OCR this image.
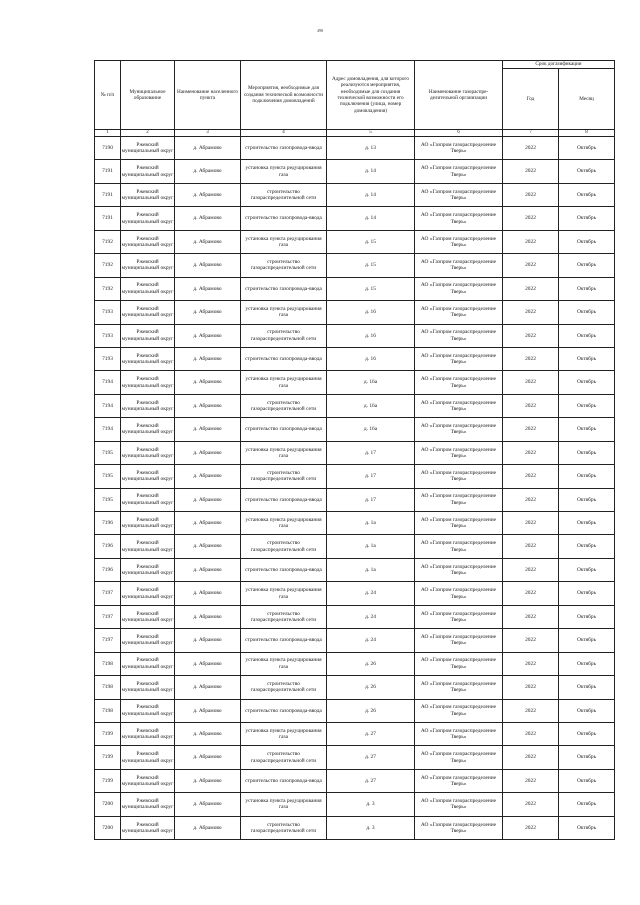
498
№ п/п	Муниципальное образование	Наименование населенного пункта	Мероприятия, необходимые для создания технической возможности подключения домовладений	Адрес домовладения, для которого реализуются мероприятия, необходимые для создания технической возможности его подключения (улица, номер домовладения)	Наименование газораспре-делительной организации	Срок догазификации	
						Год	Месяц
1	2	3	4	5	6	7	8
7190	Ржевский муниципальный округ	д. Абрамово	строительство газопровода-ввода	д. 13	АО «Газпром газораспределение Тверь»	2022	Октябрь
7191	Ржевский муниципальный округ	д. Абрамово	установка пункта редуцирования газа	д. 14	АО «Газпром газораспределение Тверь»	2022	Октябрь
7191	Ржевский муниципальный округ	д. Абрамово	строительство газораспределительной сети	д. 14	АО «Газпром газораспределение Тверь»	2022	Октябрь
7191	Ржевский муниципальный округ	д. Абрамово	строительство газопровода-ввода	д. 14	АО «Газпром газораспределение Тверь»	2022	Октябрь
7192	Ржевский муниципальный округ	д. Абрамово	установка пункта редуцирования газа	д. 15	АО «Газпром газораспределение Тверь»	2022	Октябрь
7192	Ржевский муниципальный округ	д. Абрамово	строительство газораспределительной сети	д. 15	АО «Газпром газораспределение Тверь»	2022	Октябрь
7192	Ржевский муниципальный округ	д. Абрамово	строительство газопровода-ввода	д. 15	АО «Газпром газораспределение Тверь»	2022	Октябрь
7193	Ржевский муниципальный округ	д. Абрамово	установка пункта редуцирования газа	д. 16	АО «Газпром газораспределение Тверь»	2022	Октябрь
7193	Ржевский муниципальный округ	д. Абрамово	строительство газораспределительной сети	д. 16	АО «Газпром газораспределение Тверь»	2022	Октябрь
7193	Ржевский муниципальный округ	д. Абрамово	строительство газопровода-ввода	д. 16	АО «Газпром газораспределение Тверь»	2022	Октябрь
7194	Ржевский муниципальный округ	д. Абрамово	установка пункта редуцирования газа	д. 16а	АО «Газпром газораспределение Тверь»	2022	Октябрь
7194	Ржевский муниципальный округ	д. Абрамово	строительство газораспределительной сети	д. 16а	АО «Газпром газораспределение Тверь»	2022	Октябрь
7194	Ржевский муниципальный округ	д. Абрамово	строительство газопровода-ввода	д. 16а	АО «Газпром газораспределение Тверь»	2022	Октябрь
7195	Ржевский муниципальный округ	д. Абрамово	установка пункта редуцирования газа	д. 17	АО «Газпром газораспределение Тверь»	2022	Октябрь
7195	Ржевский муниципальный округ	д. Абрамово	строительство газораспределительной сети	д. 17	АО «Газпром газораспределение Тверь»	2022	Октябрь
7195	Ржевский муниципальный округ	д. Абрамово	строительство газопровода-ввода	д. 17	АО «Газпром газораспределение Тверь»	2022	Октябрь
7196	Ржевский муниципальный округ	д. Абрамово	установка пункта редуцирования газа	д. 1а	АО «Газпром газораспределение Тверь»	2022	Октябрь
7196	Ржевский муниципальный округ	д. Абрамово	строительство газораспределительной сети	д. 1а	АО «Газпром газораспределение Тверь»	2022	Октябрь
7196	Ржевский муниципальный округ	д. Абрамово	строительство газопровода-ввода	д. 1а	АО «Газпром газораспределение Тверь»	2022	Октябрь
7197	Ржевский муниципальный округ	д. Абрамово	установка пункта редуцирования газа	д. 24	АО «Газпром газораспределение Тверь»	2022	Октябрь
7197	Ржевский муниципальный округ	д. Абрамово	строительство газораспределительной сети	д. 24	АО «Газпром газораспределение Тверь»	2022	Октябрь
7197	Ржевский муниципальный округ	д. Абрамово	строительство газопровода-ввода	д. 24	АО «Газпром газораспределение Тверь»	2022	Октябрь
7198	Ржевский муниципальный округ	д. Абрамово	установка пункта редуцирования газа	д. 26	АО «Газпром газораспределение Тверь»	2022	Октябрь
7198	Ржевский муниципальный округ	д. Абрамово	строительство газораспределительной сети	д. 26	АО «Газпром газораспределение Тверь»	2022	Октябрь
7198	Ржевский муниципальный округ	д. Абрамово	строительство газопровода-ввода	д. 26	АО «Газпром газораспределение Тверь»	2022	Октябрь
7199	Ржевский муниципальный округ	д. Абрамово	установка пункта редуцирования газа	д. 27	АО «Газпром газораспределение Тверь»	2022	Октябрь
7199	Ржевский муниципальный округ	д. Абрамово	строительство газораспределительной сети	д. 27	АО «Газпром газораспределение Тверь»	2022	Октябрь
7199	Ржевский муниципальный округ	д. Абрамово	строительство газопровода-ввода	д. 27	АО «Газпром газораспределение Тверь»	2022	Октябрь
7200	Ржевский муниципальный округ	д. Абрамово	установка пункта редуцирования газа	д. 3	АО «Газпром газораспределение Тверь»	2022	Октябрь
7200	Ржевский муниципальный округ	д. Абрамово	строительство газораспределительной сети	д. 3	АО «Газпром газораспределение Тверь»	2022	Октябрь
